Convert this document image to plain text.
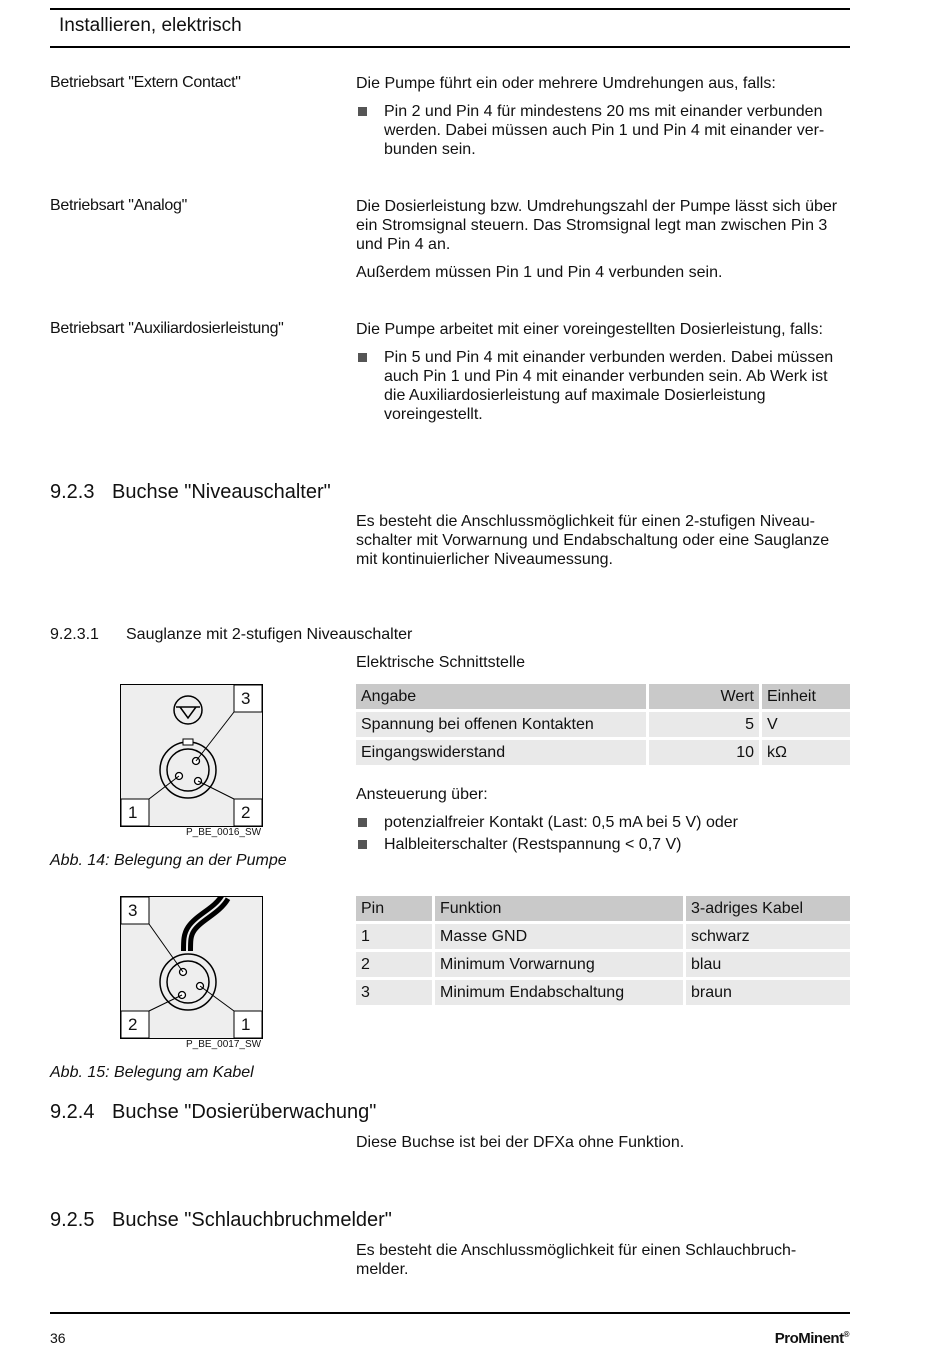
Installieren, elektrisch
Betriebsart "Extern Contact"	Die Pumpe führt ein oder mehrere Umdrehungen aus, falls:

Pin 2 und Pin 4 für mindestens 20 ms mit einander verbunden werden. Dabei müssen auch Pin 1 und Pin 4 mit einander ver-bunden sein.

Betriebsart "Analog"	Die Dosierleistung bzw. Umdrehungszahl der Pumpe lässt sich über ein Stromsignal steuern. Das Stromsignal legt man zwischen Pin 3 und Pin 4 an.

Außerdem müssen Pin 1 und Pin 4 verbunden sein.

Betriebsart "Auxiliardosierleistung"	Die Pumpe arbeitet mit einer voreingestellten Dosierleistung, falls:

Pin 5 und Pin 4 mit einander verbunden werden. Dabei müssen auch Pin 1 und Pin 4 mit einander verbunden sein. Ab Werk ist die Auxiliardosierleistung auf maximale Dosierleistung voreingestellt.

9.2.3 Buchse "Niveauschalter"
Es besteht die Anschlussmöglichkeit für einen 2-stufigen Niveau-schalter mit Vorwarnung und Endabschaltung oder eine Sauglanze mit kontinuierlicher Niveaumessung.
9.2.3.1 Sauglanze mit 2-stufigen Niveauschalter
Elektrische Schnittstelle
Angabe	Wert	Einheit
Spannung bei offenen Kontakten	5	V
Eingangswiderstand	10	kΩ
Ansteuerung über:

potenzialfreier Kontakt (Last: 0,5 mA bei 5 V) oder

Halbleiterschalter (Restspannung < 0,7 V)

3
1	2
P_BE_0016_SW
Abb. 14: Belegung an der Pumpe
Pin	Funktion	3-adriges Kabel
1	Masse GND	schwarz
2	Minimum Vorwarnung	blau
3	Minimum Endabschaltung	braun
3
2	1
P_BE_0017_SW
Abb. 15: Belegung am Kabel
9.2.4 Buchse "Dosierüberwachung"
Diese Buchse ist bei der DFXa ohne Funktion.
9.2.5 Buchse "Schlauchbruchmelder"
Es besteht die Anschlussmöglichkeit für einen Schlauchbruch-melder.
36	ProMinent®
